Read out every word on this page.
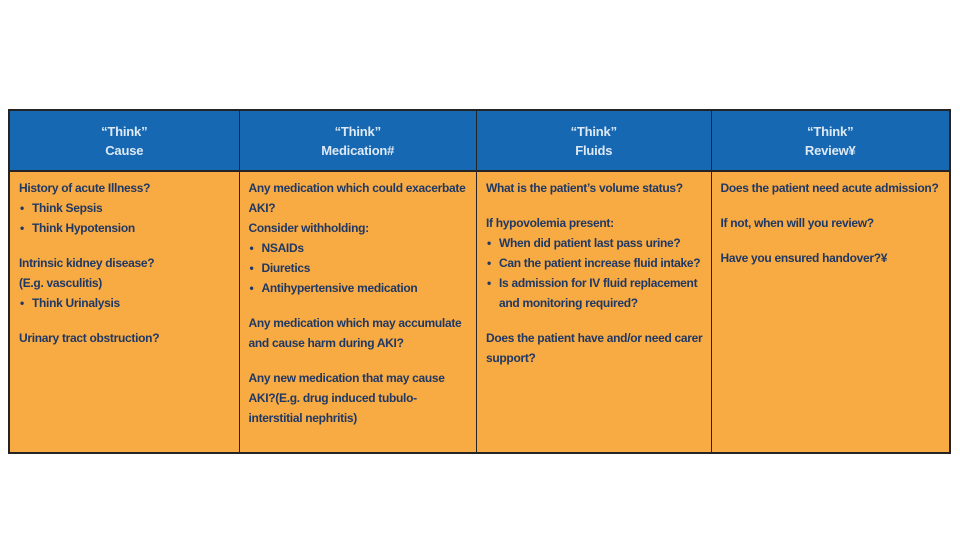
“Think”
Cause

History of acute Illness?

• Think Sepsis

• Think Hypotension

Intrinsic kidney disease?

(E.g. vasculitis)

• Think Urinalysis

Urinary tract obstruction?

“Think”
Medication#

Any medication which could exacerbate AKI?

Consider withholding:

• NSAIDs

• Diuretics

• Antihypertensive medication

Any medication which may accumulate and cause harm during AKI?

Any new medication that may cause AKI?(E.g. drug induced tubulo-interstitial nephritis)

“Think”
Fluids

What is the patient’s volume status?

If hypovolemia present:

• When did patient last pass urine?

• Can the patient increase fluid intake?

• Is admission for IV fluid replacement and monitoring required?

Does the patient have and/or need carer support?

“Think”
Review¥

Does the patient need acute admission?

If not, when will you review?

Have you ensured handover?¥
